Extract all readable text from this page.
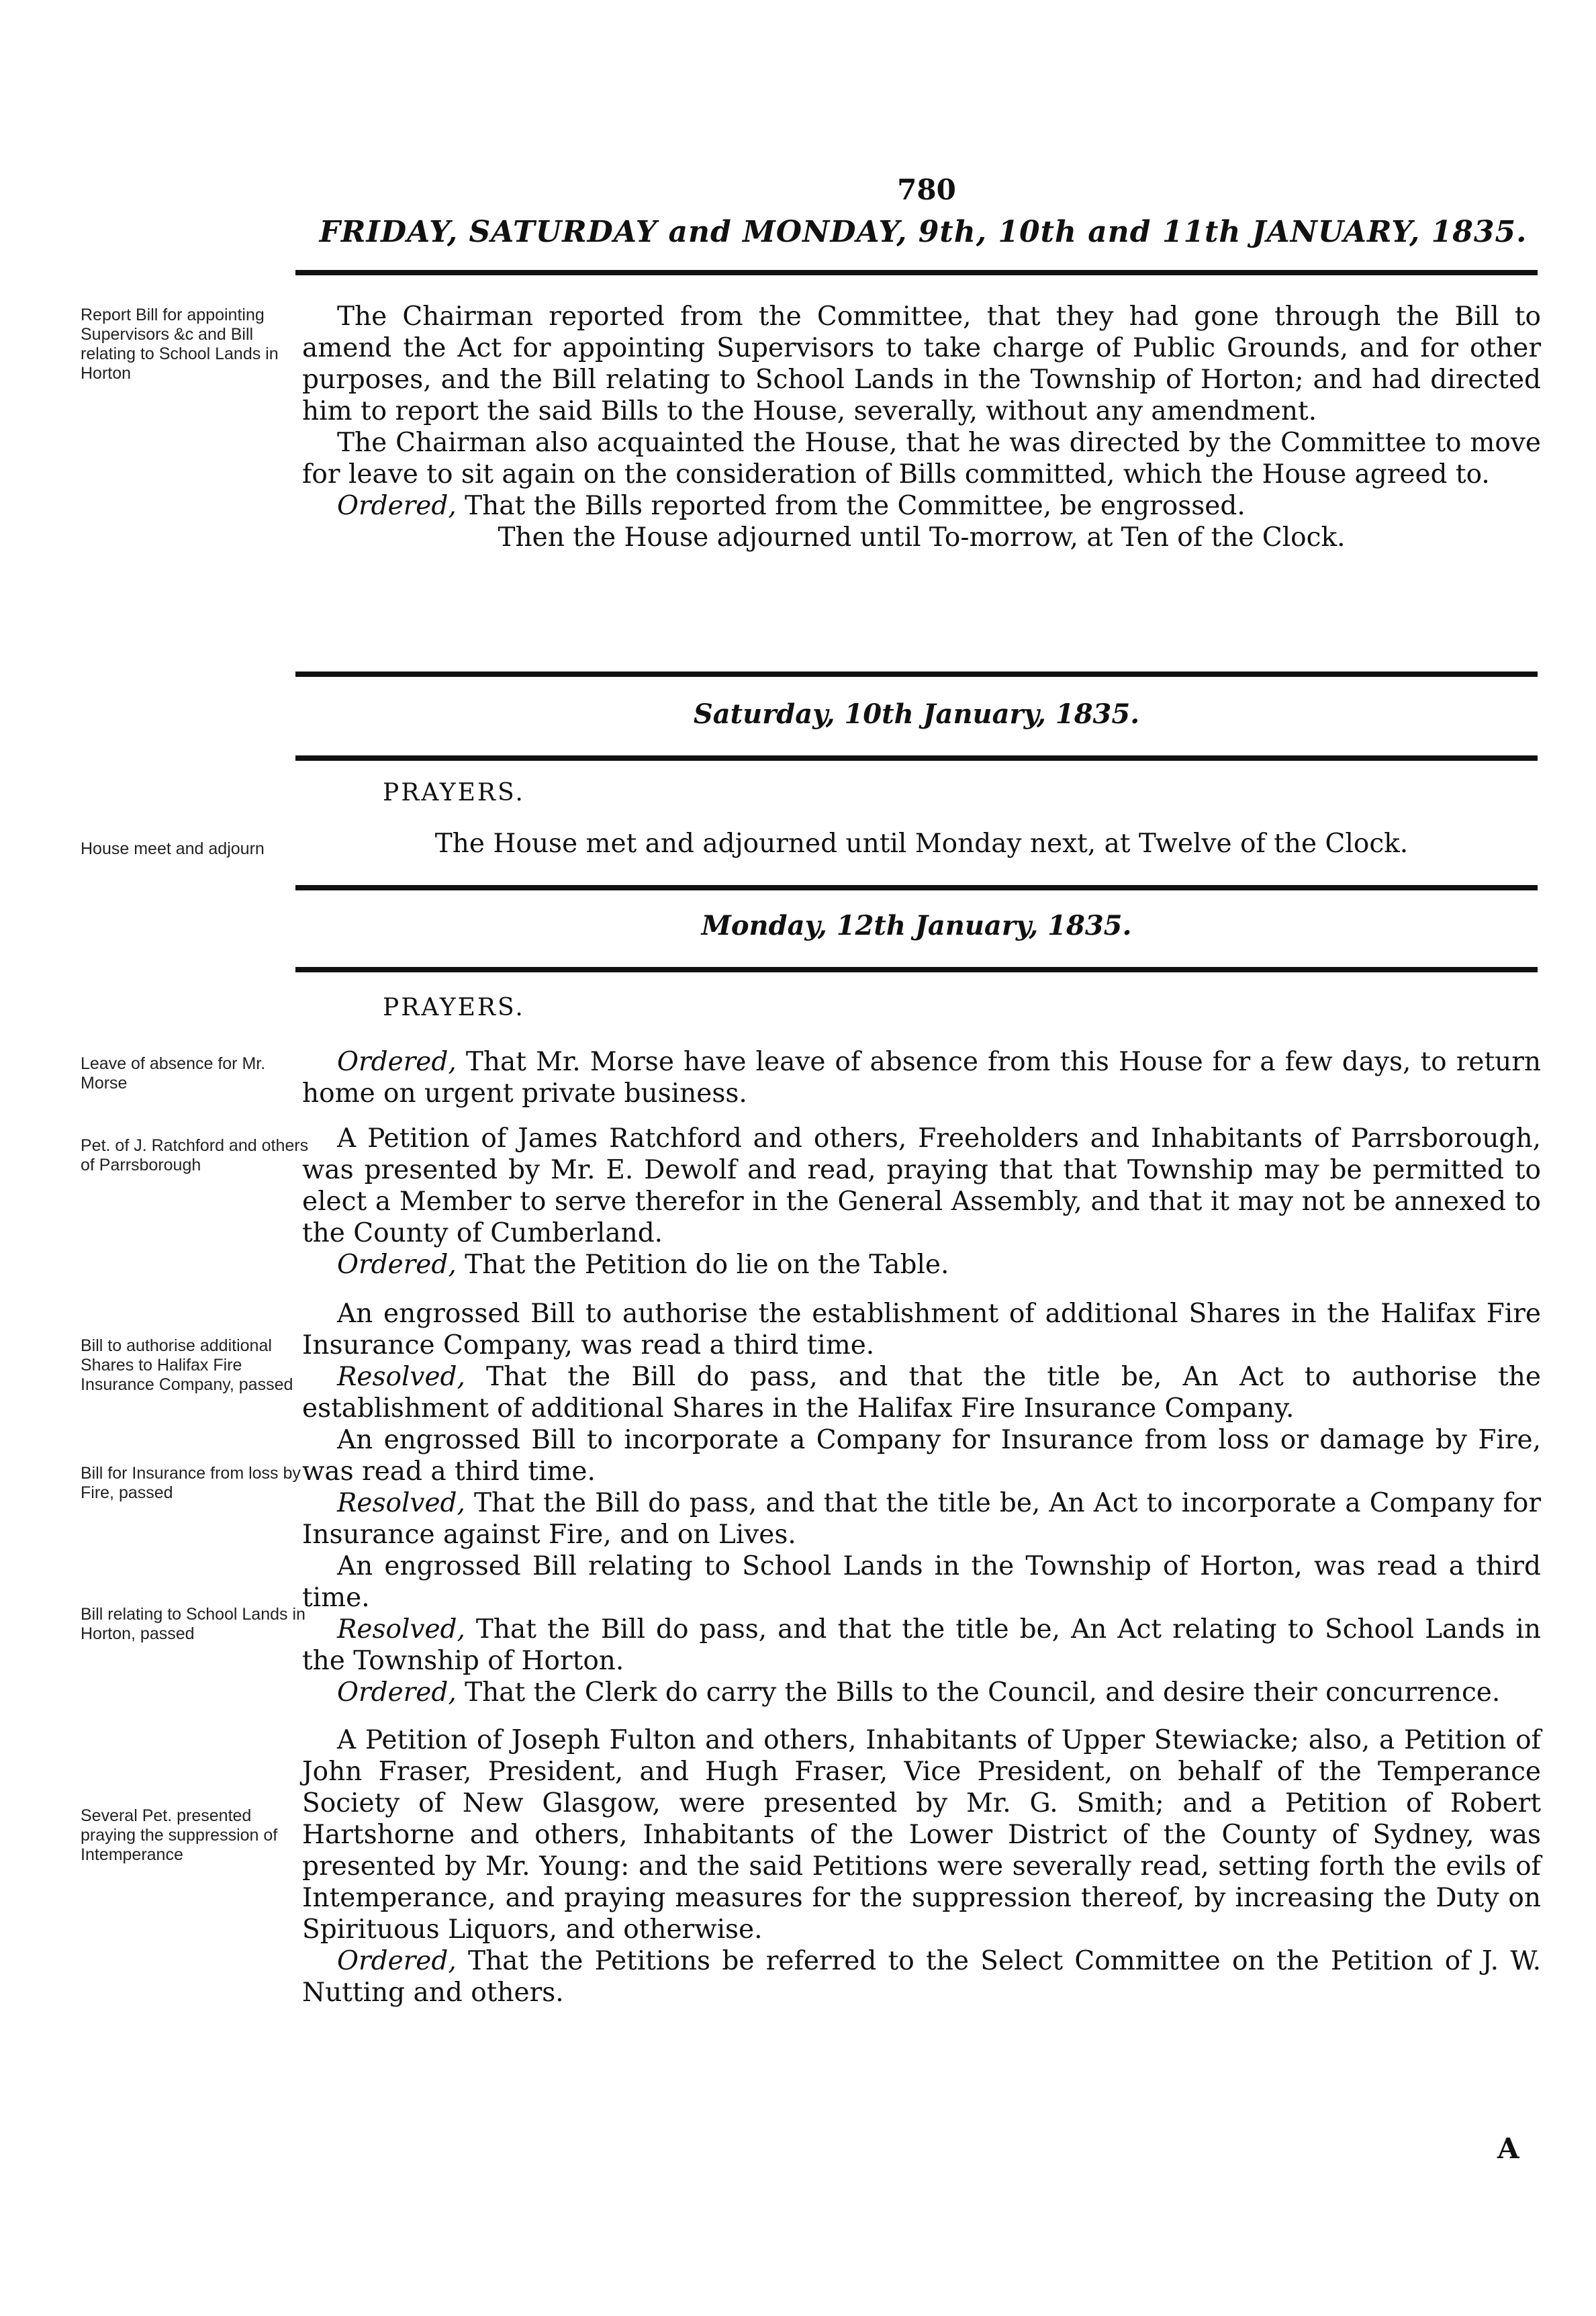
780
FRIDAY, SATURDAY and MONDAY, 9th, 10th and 11th JANUARY, 1835.
Report Bill for appointing Supervisors &c and Bill relating to School Lands in Horton

The Chairman reported from the Committee, that they had gone through the Bill to amend the Act for appointing Supervisors to take charge of Public Grounds, and for other purposes, and the Bill relating to School Lands in the Township of Horton; and had directed him to report the said Bills to the House, severally, without any amendment.

The Chairman also acquainted the House, that he was directed by the Committee to move for leave to sit again on the consideration of Bills committed, which the House agreed to.

Ordered, That the Bills reported from the Committee, be engrossed.

Then the House adjourned until To-morrow, at Ten of the Clock.

Saturday, 10th January, 1835.
PRAYERS.
House meet and adjourn	The House met and adjourned until Monday next, at Twelve of the Clock.

Monday, 12th January, 1835.
PRAYERS.
Leave of absence for Mr. Morse
Pet. of J. Ratchford and others of Parrsborough
Bill to authorise additional Shares to Halifax Fire Insurance Company, passed
Bill for Insurance from loss by Fire, passed
Bill relating to School Lands in Horton, passed
Several Pet. presented praying the suppression of Intemperance

Ordered, That Mr. Morse have leave of absence from this House for a few days, to return home on urgent private business.

A Petition of James Ratchford and others, Freeholders and Inhabitants of Parrsborough, was presented by Mr. E. Dewolf and read, praying that that Township may be permitted to elect a Member to serve therefor in the General Assembly, and that it may not be annexed to the County of Cumberland.

Ordered, That the Petition do lie on the Table.

An engrossed Bill to authorise the establishment of additional Shares in the Halifax Fire Insurance Company, was read a third time.

Resolved, That the Bill do pass, and that the title be, An Act to authorise the establishment of additional Shares in the Halifax Fire Insurance Company.

An engrossed Bill to incorporate a Company for Insurance from loss or damage by Fire, was read a third time.

Resolved, That the Bill do pass, and that the title be, An Act to incorporate a Company for Insurance against Fire, and on Lives.

An engrossed Bill relating to School Lands in the Township of Horton, was read a third time.

Resolved, That the Bill do pass, and that the title be, An Act relating to School Lands in the Township of Horton.

Ordered, That the Clerk do carry the Bills to the Council, and desire their concurrence.

A Petition of Joseph Fulton and others, Inhabitants of Upper Stewiacke; also, a Petition of John Fraser, President, and Hugh Fraser, Vice President, on behalf of the Temperance Society of New Glasgow, were presented by Mr. G. Smith; and a Petition of Robert Hartshorne and others, Inhabitants of the Lower District of the County of Sydney, was presented by Mr. Young: and the said Petitions were severally read, setting forth the evils of Intemperance, and praying measures for the suppression thereof, by increasing the Duty on Spirituous Liquors, and otherwise.

Ordered, That the Petitions be referred to the Select Committee on the Petition of J. W. Nutting and others.

A
